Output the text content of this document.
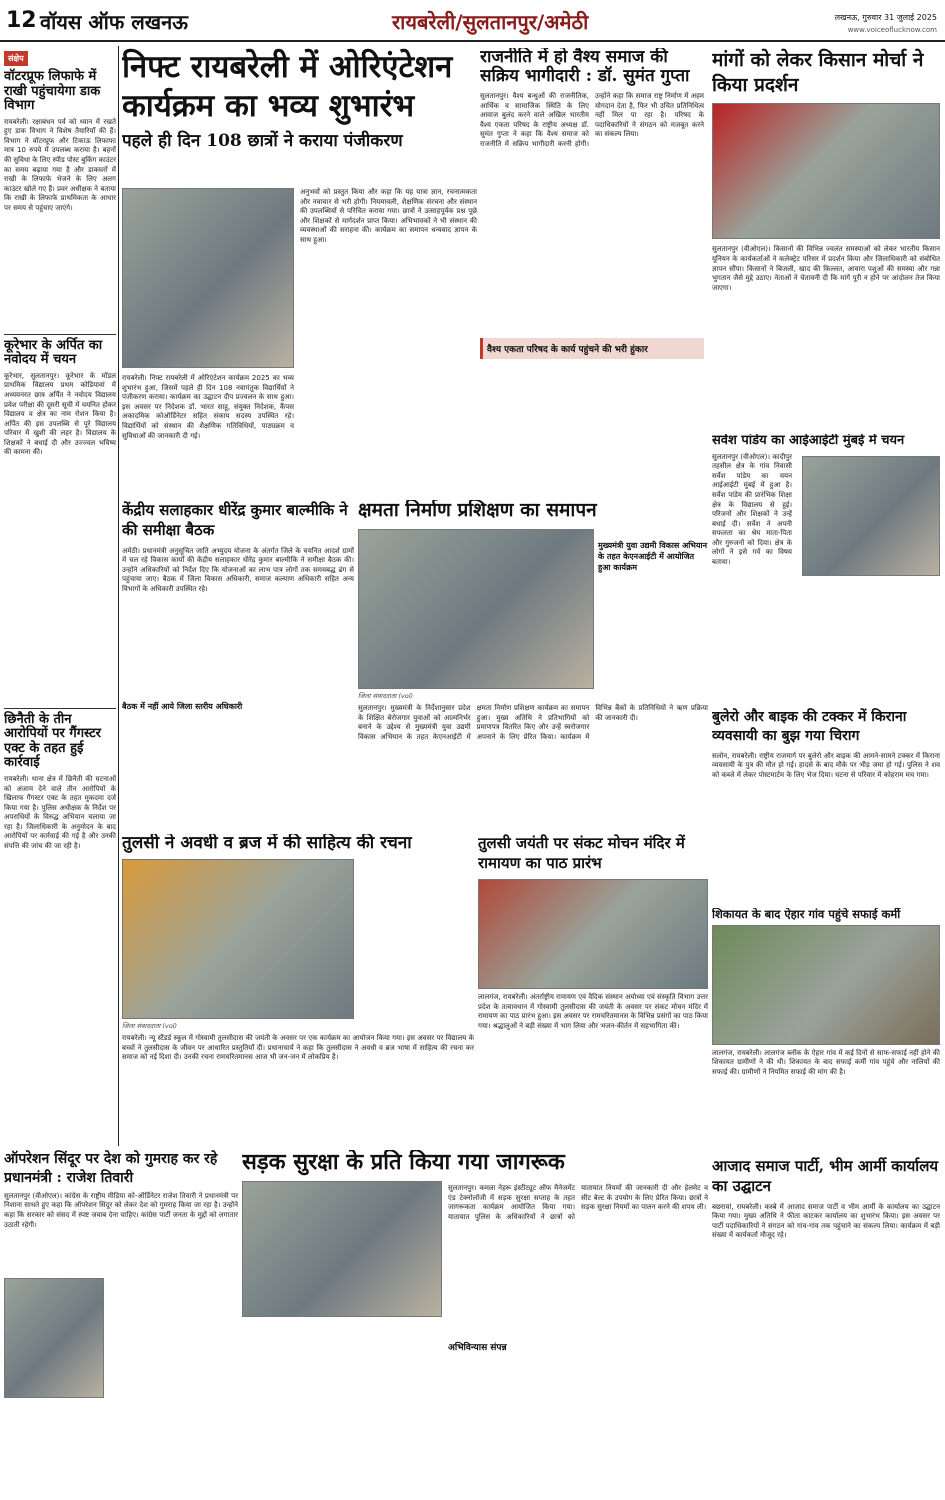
12 वॉयस ऑफ लखनऊ	रायबरेली/सुलतानपुर/अमेठी	लखनऊ, गुरुवार 31 जुलाई 2025
www.voiceoflucknow.com
संक्षेप
वॉटरप्रूफ लिफाफे में राखी पहुंचायेगा डाक विभाग
रायबरेली। रक्षाबंधन पर्व को ध्यान में रखते हुए डाक विभाग ने विशेष तैयारियाँ की हैं। विभाग ने वॉटरप्रूफ और टिकाऊ लिफाफा मात्र 10 रुपये में उपलब्ध कराया है। बहनों की सुविधा के लिए स्पीड पोस्ट बुकिंग काउंटर का समय बढ़ाया गया है और डाकघरों में राखी के लिफाफे भेजने के लिए अलग काउंटर खोले गए हैं। प्रवर अधीक्षक ने बताया कि राखी के लिफाफे प्राथमिकता के आधार पर समय से पहुंचाए जाएंगे।
कूरेभार के अर्पित का नवोदय में चयन
कूरेभार, सुलतानपुर। कूरेभार के मॉडल प्राथमिक विद्यालय प्रथम कोडियावां में अध्ययनरत छात्र अर्पित ने नवोदय विद्यालय प्रवेश परीक्षा की दूसरी सूची में चयनित होकर विद्यालय व क्षेत्र का नाम रोशन किया है। अर्पित की इस उपलब्धि से पूरे विद्यालय परिवार में खुशी की लहर है। विद्यालय के शिक्षकों ने बधाई दी और उज्ज्वल भविष्य की कामना की।
छिनैती के तीन आरोपियों पर गैंगस्टर एक्ट के तहत हुई कार्रवाई
रायबरेली। थाना क्षेत्र में छिनैती की घटनाओं को अंजाम देने वाले तीन आरोपियों के खिलाफ गैंगस्टर एक्ट के तहत मुकदमा दर्ज किया गया है। पुलिस अधीक्षक के निर्देश पर अपराधियों के विरुद्ध अभियान चलाया जा रहा है। जिलाधिकारी के अनुमोदन के बाद आरोपियों पर कार्रवाई की गई है और उनकी संपत्ति की जांच की जा रही है।
निफ्ट रायबरेली में ओरिएंटेशन कार्यक्रम का भव्य शुभारंभ
पहले ही दिन 108 छात्रों ने कराया पंजीकरण
रायबरेली। निफ्ट रायबरेली में ओरिएंटेशन कार्यक्रम 2025 का भव्य शुभारंभ हुआ, जिसमें पहले ही दिन 108 नवागंतुक विद्यार्थियों ने पंजीकरण कराया। कार्यक्रम का उद्घाटन दीप प्रज्वलन के साथ हुआ। इस अवसर पर निदेशक डॉ. भारत साहू, संयुक्त निदेशक, कैंपस अकादमिक कोऑर्डिनेटर सहित संकाय सदस्य उपस्थित रहे। विद्यार्थियों को संस्थान की शैक्षणिक गतिविधियों, पाठ्यक्रम व सुविधाओं की जानकारी दी गई।
अनुभवों को प्रस्तुत किया और कहा कि यह यात्रा ज्ञान, रचनात्मकता और नवाचार से भरी होगी। नियमावली, शैक्षणिक संरचना और संस्थान की उपलब्धियों से परिचित कराया गया। छात्रों ने उत्साहपूर्वक प्रश्न पूछे और शिक्षकों से मार्गदर्शन प्राप्त किया। अभिभावकों ने भी संस्थान की व्यवस्थाओं की सराहना की। कार्यक्रम का समापन धन्यवाद ज्ञापन के साथ हुआ।
राजनीति में हो वैश्य समाज की सक्रिय भागीदारी : डॉ. सुमंत गुप्ता
सुलतानपुर। वैश्य बन्धुओं की राजनीतिक, आर्थिक व सामाजिक स्थिति के लिए आवाज बुलंद करने वाले अखिल भारतीय वैश्य एकता परिषद के राष्ट्रीय अध्यक्ष डॉ. सुमंत गुप्ता ने कहा कि वैश्य समाज को राजनीति में सक्रिय भागीदारी करनी होगी। उन्होंने कहा कि समाज राष्ट्र निर्माण में अहम योगदान देता है, फिर भी उचित प्रतिनिधित्व नहीं मिल पा रहा है। परिषद के पदाधिकारियों ने संगठन को मजबूत करने का संकल्प लिया।
वैश्य एकता परिषद के कार्य पहुंचने की भरी हुंकार
मांगों को लेकर किसान मोर्चा ने किया प्रदर्शन
सुलतानपुर (वीओएल)। किसानों की विभिन्न ज्वलंत समस्याओं को लेकर भारतीय किसान यूनियन के कार्यकर्ताओं ने कलेक्ट्रेट परिसर में प्रदर्शन किया और जिलाधिकारी को संबोधित ज्ञापन सौंपा। किसानों ने बिजली, खाद की किल्लत, आवारा पशुओं की समस्या और गन्ना भुगतान जैसे मुद्दे उठाए। नेताओं ने चेतावनी दी कि मांगें पूरी न होने पर आंदोलन तेज किया जाएगा।
सर्वेश पांडेय का आईआईटी मुंबई में चयन
सुलतानपुर (वीओएल)। कादीपुर तहसील क्षेत्र के गांव निवासी सर्वेश पांडेय का चयन आईआईटी मुंबई में हुआ है। सर्वेश पांडेय की प्रारंभिक शिक्षा क्षेत्र के विद्यालय से हुई। परिजनों और शिक्षकों ने उन्हें बधाई दी। सर्वेश ने अपनी सफलता का श्रेय माता-पिता और गुरुजनों को दिया। क्षेत्र के लोगों ने इसे गर्व का विषय बताया।
बुलेरो और बाइक की टक्कर में किराना व्यवसायी का बुझ गया चिराग
सलोन, रायबरेली। राष्ट्रीय राजमार्ग पर बुलेरो और बाइक की आमने-सामने टक्कर में किराना व्यवसायी के पुत्र की मौत हो गई। हादसे के बाद मौके पर भीड़ जमा हो गई। पुलिस ने शव को कब्जे में लेकर पोस्टमार्टम के लिए भेज दिया। घटना से परिवार में कोहराम मच गया।
शिकायत के बाद ऐहार गांव पहुंचे सफाई कर्मी
लालगंज, रायबरेली। लालगंज ब्लॉक के ऐहार गांव में कई दिनों से साफ-सफाई नहीं होने की शिकायत ग्रामीणों ने की थी। शिकायत के बाद सफाई कर्मी गांव पहुंचे और नालियों की सफाई की। ग्रामीणों ने नियमित सफाई की मांग की है।
आजाद समाज पार्टी, भीम आर्मी कार्यालय का उद्घाटन
बछरावां, रायबरेली। कस्बे में आजाद समाज पार्टी व भीम आर्मी के कार्यालय का उद्घाटन किया गया। मुख्य अतिथि ने फीता काटकर कार्यालय का शुभारंभ किया। इस अवसर पर पार्टी पदाधिकारियों ने संगठन को गांव-गांव तक पहुंचाने का संकल्प लिया। कार्यक्रम में बड़ी संख्या में कार्यकर्ता मौजूद रहे।
केंद्रीय सलाहकार धीरेंद्र कुमार बाल्मीकि ने की समीक्षा बैठक
अमेठी। प्रधानमंत्री अनुसूचित जाति अभ्युदय योजना के अंतर्गत जिले के चयनित आदर्श ग्रामों में चल रहे विकास कार्यों की केंद्रीय सलाहकार धीरेंद्र कुमार बाल्मीकि ने समीक्षा बैठक की। उन्होंने अधिकारियों को निर्देश दिए कि योजनाओं का लाभ पात्र लोगों तक समयबद्ध ढंग से पहुंचाया जाए। बैठक में जिला विकास अधिकारी, समाज कल्याण अधिकारी सहित अन्य विभागों के अधिकारी उपस्थित रहे।
बैठक में नहीं आये जिला स्तरीय अधिकारी
क्षमता निर्माण प्रशिक्षण का समापन
मुख्यमंत्री युवा उद्यमी विकास अभियान के तहत केएनआईटी में आयोजित हुआ कार्यक्रम
जिला संवाददाता (vol)
सुलतानपुर। मुख्यमंत्री के निर्देशानुसार प्रदेश के शिक्षित बेरोजगार युवाओं को आत्मनिर्भर बनाने के उद्देश्य से मुख्यमंत्री युवा उद्यमी विकास अभियान के तहत केएनआईटी में क्षमता निर्माण प्रशिक्षण कार्यक्रम का समापन हुआ। मुख्य अतिथि ने प्रतिभागियों को प्रमाणपत्र वितरित किए और उन्हें स्वरोजगार अपनाने के लिए प्रेरित किया। कार्यक्रम में विभिन्न बैंकों के प्रतिनिधियों ने ऋण प्रक्रिया की जानकारी दी।
तुलसी ने अवधी व ब्रज में की साहित्य की रचना
जिला संवाददाता (vol)
रायबरेली। न्यू स्टैंडर्ड स्कूल में गोस्वामी तुलसीदास की जयंती के अवसर पर एक कार्यक्रम का आयोजन किया गया। इस अवसर पर विद्यालय के बच्चों ने तुलसीदास के जीवन पर आधारित प्रस्तुतियाँ दीं। प्रधानाचार्य ने कहा कि तुलसीदास ने अवधी व ब्रज भाषा में साहित्य की रचना कर समाज को नई दिशा दी। उनकी रचना रामचरितमानस आज भी जन-जन में लोकप्रिय है।
तुलसी जयंती पर संकट मोचन मंदिर में रामायण का पाठ प्रारंभ
लालगंज, रायबरेली। अंतर्राष्ट्रीय रामायण एवं वैदिक संस्थान अयोध्या एवं संस्कृति विभाग उत्तर प्रदेश के तत्वावधान में गोस्वामी तुलसीदास की जयंती के अवसर पर संकट मोचन मंदिर में रामायण का पाठ प्रारंभ हुआ। इस अवसर पर रामचरितमानस के विभिन्न प्रसंगों का पाठ किया गया। श्रद्धालुओं ने बड़ी संख्या में भाग लिया और भजन-कीर्तन में सहभागिता की।
ऑपरेशन सिंदूर पर देश को गुमराह कर रहे प्रधानमंत्री : राजेश तिवारी
सुलतानपुर (वीओएल)। कांग्रेस के राष्ट्रीय मीडिया को-ऑर्डिनेटर राजेश तिवारी ने प्रधानमंत्री पर निशाना साधते हुए कहा कि ऑपरेशन सिंदूर को लेकर देश को गुमराह किया जा रहा है। उन्होंने कहा कि सरकार को संसद में स्पष्ट जवाब देना चाहिए। कांग्रेस पार्टी जनता के मुद्दों को लगातार उठाती रहेगी।
सड़क सुरक्षा के प्रति किया गया जागरूक
सुलतानपुर। कमला नेहरू इंस्टीट्यूट ऑफ मैनेजमेंट एंड टेक्नोलॉजी में सड़क सुरक्षा सप्ताह के तहत जागरूकता कार्यक्रम आयोजित किया गया। यातायात पुलिस के अधिकारियों ने छात्रों को यातायात नियमों की जानकारी दी और हेलमेट व सीट बेल्ट के उपयोग के लिए प्रेरित किया। छात्रों ने सड़क सुरक्षा नियमों का पालन करने की शपथ ली।
अभिविन्यास संपन्न
